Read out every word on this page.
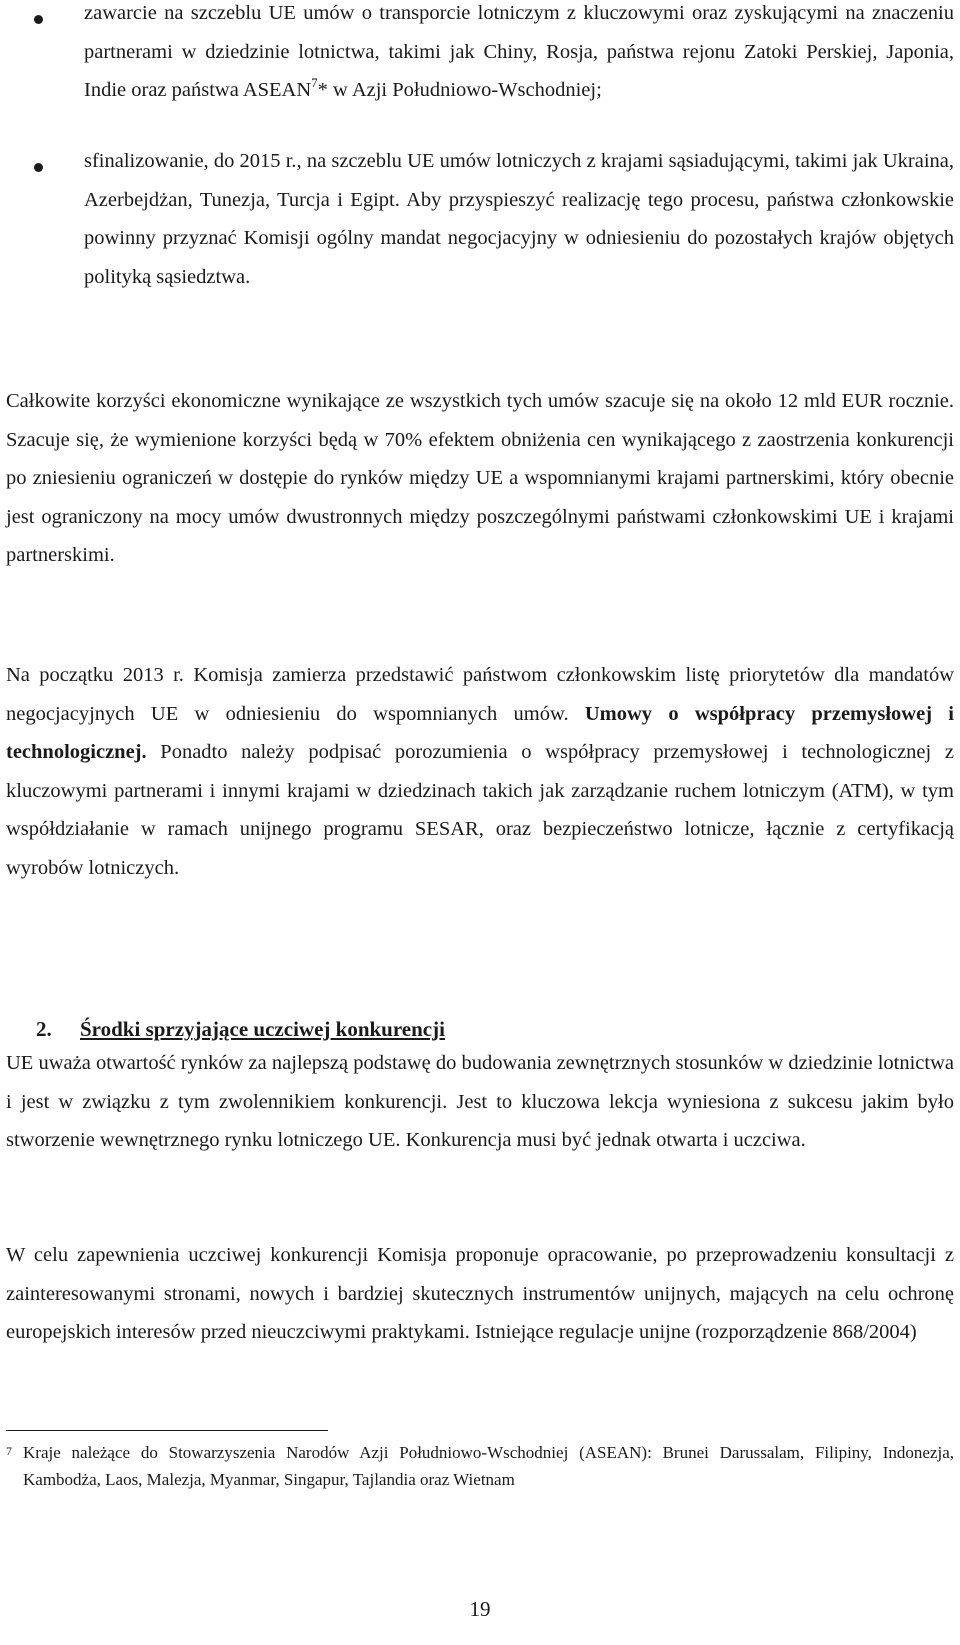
zawarcie na szczeblu UE umów o transporcie lotniczym z kluczowymi oraz zyskującymi na znaczeniu partnerami w dziedzinie lotnictwa, takimi jak Chiny, Rosja, państwa rejonu Zatoki Perskiej, Japonia, Indie oraz państwa ASEAN$^7$* w Azji Południowo-Wschodniej;

sfinalizowanie, do 2015 r., na szczeblu UE umów lotniczych z krajami sąsiadującymi, takimi jak Ukraina, Azerbejdżan, Tunezja, Turcja i Egipt. Aby przyspieszyć realizację tego procesu, państwa członkowskie powinny przyznać Komisji ogólny mandat negocjacyjny w odniesieniu do pozostałych krajów objętych polityką sąsiedztwa.

Całkowite korzyści ekonomiczne wynikające ze wszystkich tych umów szacuje się na około 12 mld EUR rocznie. Szacuje się, że wymienione korzyści będą w 70% efektem obniżenia cen wynikającego z zaostrzenia konkurencji po zniesieniu ograniczeń w dostępie do rynków między UE a wspomnianymi krajami partnerskimi, który obecnie jest ograniczony na mocy umów dwustronnych między poszczególnymi państwami członkowskimi UE i krajami partnerskimi.

Na początku 2013 r. Komisja zamierza przedstawić państwom członkowskim listę priorytetów dla mandatów negocjacyjnych UE w odniesieniu do wspomnianych umów. Umowy o współpracy przemysłowej i technologicznej. Ponadto należy podpisać porozumienia o współpracy przemysłowej i technologicznej z kluczowymi partnerami i innymi krajami w dziedzinach takich jak zarządzanie ruchem lotniczym (ATM), w tym współdziałanie w ramach unijnego programu SESAR, oraz bezpieczeństwo lotnicze, łącznie z certyfikacją wyrobów lotniczych.

2. Środki sprzyjające uczciwej konkurencji

UE uważa otwartość rynków za najlepszą podstawę do budowania zewnętrznych stosunków w dziedzinie lotnictwa i jest w związku z tym zwolennikiem konkurencji. Jest to kluczowa lekcja wyniesiona z sukcesu jakim było stworzenie wewnętrznego rynku lotniczego UE. Konkurencja musi być jednak otwarta i uczciwa.

W celu zapewnienia uczciwej konkurencji Komisja proponuje opracowanie, po przeprowadzeniu konsultacji z zainteresowanymi stronami, nowych i bardziej skutecznych instrumentów unijnych, mających na celu ochronę europejskich interesów przed nieuczciwymi praktykami. Istniejące regulacje unijne (rozporządzenie 868/2004)

7 Kraje należące do Stowarzyszenia Narodów Azji Południowo-Wschodniej (ASEAN): Brunei Darussalam, Filipiny, Indonezja, Kambodża, Laos, Malezja, Myanmar, Singapur, Tajlandia oraz Wietnam

19
